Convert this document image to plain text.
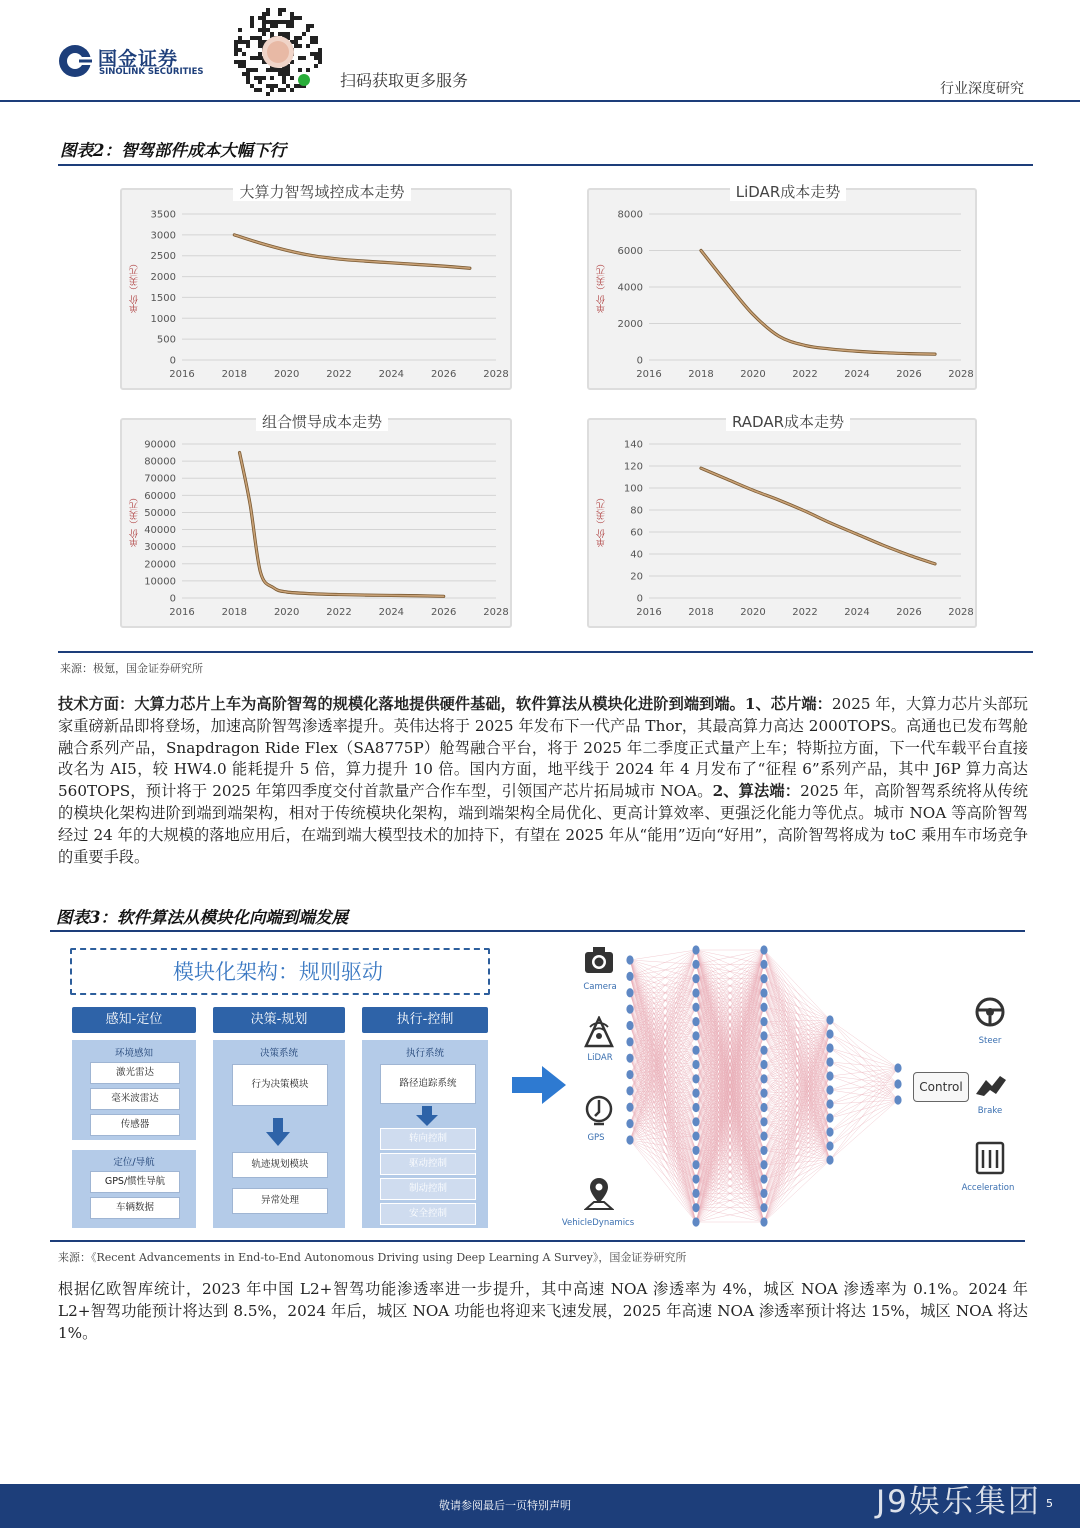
国金证券
SINOLINK SECURITIES	扫码获取更多服务	行业深度研究
图表2：智驾部件成本大幅下行
来源：极氪，国金证券研究所
技术方面：大算力芯片上车为高阶智驾的规模化落地提供硬件基础，软件算法从模块化进阶到端到端。1、芯片端：2025 年，大算力芯片头部玩家重磅新品即将登场，加速高阶智驾渗透率提升。英伟达将于 2025 年发布下一代产品 Thor，其最高算力高达 2000TOPS。高通也已发布驾舱融合系列产品，Snapdragon Ride Flex（SA8775P）舱驾融合平台，将于 2025 年二季度正式量产上车；特斯拉方面，下一代车载平台直接改名为 AI5，较 HW4.0 能耗提升 5 倍，算力提升 10 倍。国内方面，地平线于 2024 年 4 月发布了“征程 6”系列产品，其中 J6P 算力高达 560TOPS，预计将于 2025 年第四季度交付首款量产合作车型，引领国产芯片拓局城市 NOA。2、算法端：2025 年，高阶智驾系统将从传统的模块化架构进阶到端到端架构，相对于传统模块化架构，端到端架构全局优化、更高计算效率、更强泛化能力等优点。城市 NOA 等高阶智驾经过 24 年的大规模的落地应用后，在端到端大模型技术的加持下，有望在 2025 年从“能用”迈向“好用”，高阶智驾将成为 toC 乘用车市场竞争的重要手段。
图表3：软件算法从模块化向端到端发展
模块化架构：规则驱动
感知-定位
环境感知
激光雷达
毫米波雷达
传感器
定位/导航
GPS/惯性导航
车辆数据
决策-规划
决策系统
行为决策模块
轨迹规划模块
异常处理
执行-控制
执行系统
路径追踪系统
转向控制
驱动控制
制动控制
安全控制
Camera
LiDAR
GPS
VehicleDynamics
Control
Steer
Brake
Acceleration
来源：《Recent Advancements in End-to-End Autonomous Driving using Deep Learning A Survey》，国金证券研究所
根据亿欧智库统计，2023 年中国 L2+智驾功能渗透率进一步提升，其中高速 NOA 渗透率为 4%，城区 NOA 渗透率为 0.1%。2024 年 L2+智驾功能预计将达到 8.5%，2024 年后，城区 NOA 功能也将迎来飞速发展，2025 年高速 NOA 渗透率预计将达 15%，城区 NOA 将达 1%。
敬请参阅最后一页特别声明	J9娱乐集团 5
大算力智驾域控成本走势
单价（美元）
0
500
1000
1500
2000
2500
3000
3500
2016	2018	2020	2022	2024	2026	2028
LiDAR成本走势
单价（美元）
0
2000
4000
6000
8000
2016	2018	2020	2022	2024	2026	2028
组合惯导成本走势
单价（美元）
0
10000
20000
30000
40000
50000
60000
70000
80000
90000
2016	2018	2020	2022	2024	2026	2028
RADAR成本走势
单价（美元）
0
20
40
60
80
100
120
140
2016	2018	2020	2022	2024	2026	2028
